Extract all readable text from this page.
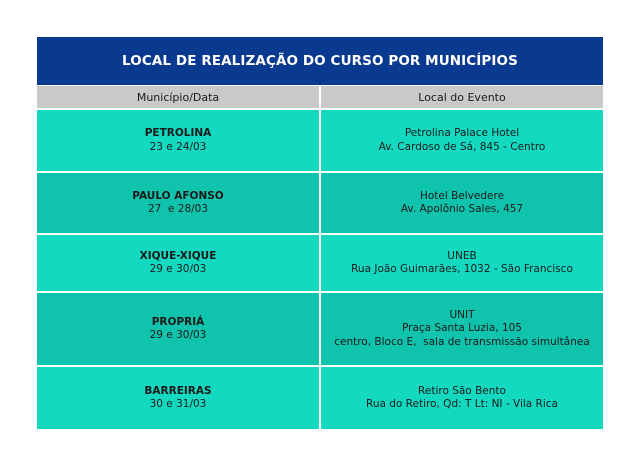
LOCAL DE REALIZAÇÃO DO CURSO POR MUNICÍPIOS
Município/Data	Local do Evento
PETROLINA
23 e 24/03
Petrolina Palace Hotel
Av. Cardoso de Sá, 845 - Centro
PAULO AFONSO
27  e 28/03
Hotel Belvedere
Av. Apolônio Sales, 457
XIQUE-XIQUE
29 e 30/03
UNEB
Rua João Guimarães, 1032 - São Francisco
PROPRIÁ
29 e 30/03
UNIT
Praça Santa Luzia, 105
centro, Bloco E,  sala de transmissão simultânea
BARREIRAS
30 e 31/03
Retiro São Bento
Rua do Retiro, Qd: T Lt: NI - Vila Rica
